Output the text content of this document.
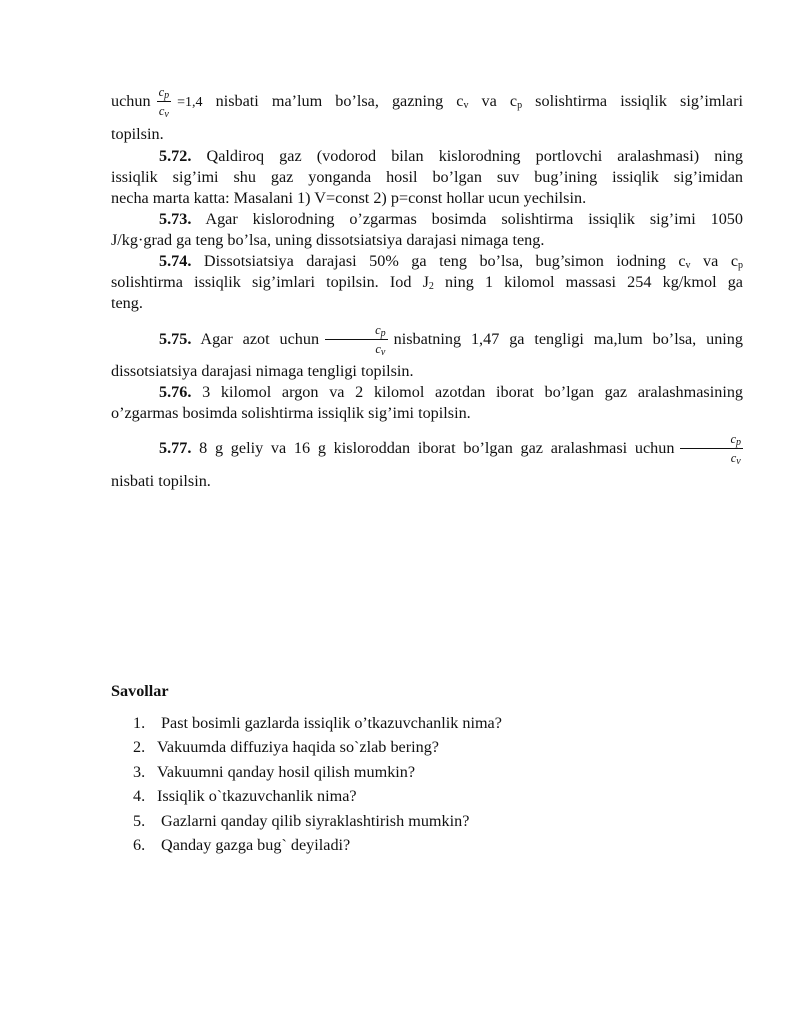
uchun $\frac{c_p}{c_v} =1,4$ nisbati ma’lum bo’lsa, gazning $c_v$ va $c_p$ solishtirma issiqlik sig’imlari
topilsin.
5.72. Qaldiroq gaz (vodorod bilan kislorodning portlovchi aralashmasi) ning
issiqlik sig’imi shu gaz yonganda hosil bo’lgan suv bug’ining issiqlik sig’imidan
necha marta katta: Masalani 1) V=const 2) p=const hollar ucun yechilsin.
5.73. Agar kislorodning o’zgarmas bosimda solishtirma issiqlik sig’imi 1050
J/kg·grad ga teng bo’lsa, uning dissotsiatsiya darajasi nimaga teng.
5.74. Dissotsiatsiya darajasi 50% ga teng bo’lsa, bug’simon iodning $c_v$ va $c_p$
solishtirma issiqlik sig’imlari topilsin. Iod $J_2$ ning 1 kilomol massasi 254 kg/kmol ga
teng.
5.75. Agar azot uchun $\frac{c_p}{c_v}$ nisbatning 1,47 ga tengligi ma,lum bo’lsa, uning
dissotsiatsiya darajasi nimaga tengligi topilsin.
5.76. 3 kilomol argon va 2 kilomol azotdan iborat bo’lgan gaz aralashmasining
o’zgarmas bosimda solishtirma issiqlik sig’imi topilsin.
5.77. 8 g geliy va 16 g kisloroddan iborat bo’lgan gaz aralashmasi uchun $\frac{c_p}{c_v}$
nisbati topilsin.
Savollar
1. Past bosimli gazlarda issiqlik o’tkazuvchanlik nima?
2. Vakuumda diffuziya haqida so`zlab bering?
3. Vakuumni qanday hosil qilish mumkin?
4. Issiqlik o`tkazuvchanlik nima?
5. Gazlarni qanday qilib siyraklashtirish mumkin?
6. Qanday gazga bug` deyiladi?
